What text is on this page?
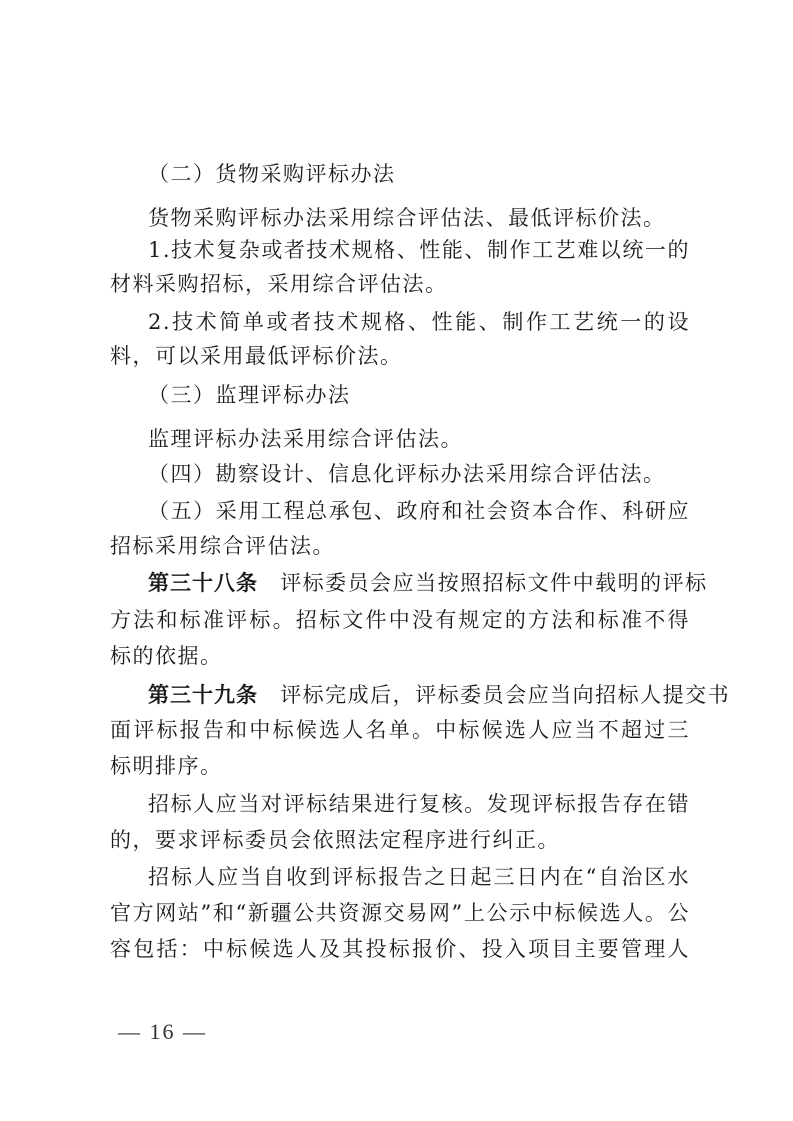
（二）货物采购评标办法
货物采购评标办法采用综合评估法、最低评标价法。
1.技术复杂或者技术规格、性能、制作工艺难以统一的
材料采购招标，采用综合评估法。
2.技术简单或者技术规格、性能、制作工艺统一的设
料，可以采用最低评标价法。
（三）监理评标办法
监理评标办法采用综合评估法。
（四）勘察设计、信息化评标办法采用综合评估法。
（五）采用工程总承包、政府和社会资本合作、科研应
招标采用综合评估法。
第三十八条 评标委员会应当按照招标文件中载明的评标
方法和标准评标。招标文件中没有规定的方法和标准不得
标的依据。
第三十九条 评标完成后，评标委员会应当向招标人提交书
面评标报告和中标候选人名单。中标候选人应当不超过三
标明排序。
招标人应当对评标结果进行复核。发现评标报告存在错
的，要求评标委员会依照法定程序进行纠正。
招标人应当自收到评标报告之日起三日内在“自治区水
官方网站”和“新疆公共资源交易网”上公示中标候选人。公
容包括：中标候选人及其投标报价、投入项目主要管理人
— 16 —
